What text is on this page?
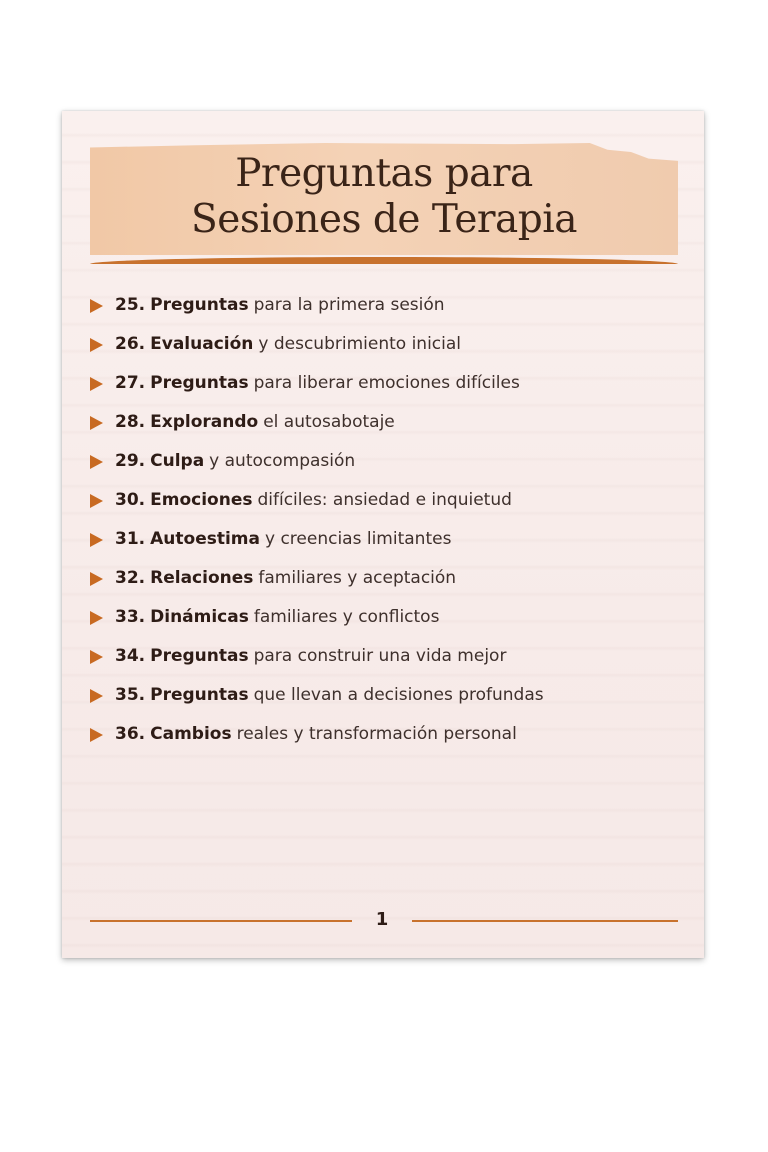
Preguntas para
Sesiones de Terapia
25. Preguntas para la primera sesión
26. Evaluación y descubrimiento inicial
27. Preguntas para liberar emociones difíciles
28. Explorando el autosabotaje
29. Culpa y autocompasión
30. Emociones difíciles: ansiedad e inquietud
31. Autoestima y creencias limitantes
32. Relaciones familiares y aceptación
33. Dinámicas familiares y conflictos
34. Preguntas para construir una vida mejor
35. Preguntas que llevan a decisiones profundas
36. Cambios reales y transformación personal
1
